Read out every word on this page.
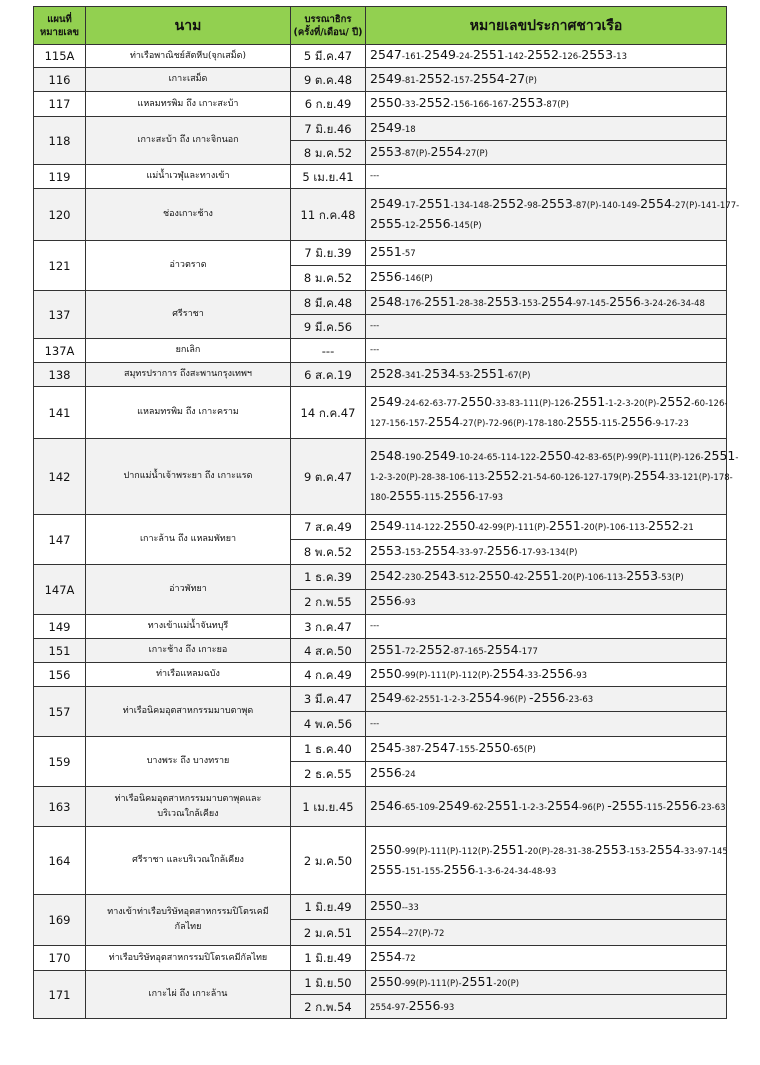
แผนที่
หมายเลข	นาม	บรรณาธิกร
(ครั้งที่/เดือน/ ปี)	หมายเลขประกาศชาวเรือ
115A	ท่าเรือพาณิชย์สัตหีบ(จุกเสม็ด)	5 มี.ค.47	2547-161-2549-24-2551-142-2552-126-2553-13

116	เกาะเสม็ด	9 ต.ค.48	2549-81-2552-157-2554-27(P)

117	แหลมทรพิม ถึง เกาะสะบ้า	6 ก.ย.49	2550-33-2552-156-166-167-2553-87(P)

118	เกาะสะบ้า ถึง เกาะจิกนอก	7 มิ.ย.46	2549-18

		8 ม.ค.52	2553-87(P)-2554-27(P)

119	แม่น้ำเวฬุและทางเข้า	5 เม.ย.41	---

120	ช่องเกาะช้าง	11 ก.ค.48	2549-17-2551-134-148-2552-98-2553-87(P)-140-149-2554-27(P)-141-177-
2555-12-2556-145(P)

121	อ่าวตราด	7 มิ.ย.39	2551-57

		8 ม.ค.52	2556-146(P)

137	ศรีราชา	8 มี.ค.48	2548-176-2551-28-38-2553-153-2554-97-145-2556-3-24-26-34-48

		9 มี.ค.56	---

137A	ยกเลิก	---	---

138	สมุทรปราการ ถึงสะพานกรุงเทพฯ	6 ส.ค.19	2528-341-2534-53-2551-67(P)

141	แหลมทรพิม ถึง เกาะคราม	14 ก.ค.47	2549-24-62-63-77-2550-33-83-111(P)-126-2551-1-2-3-20(P)-2552-60-126-
127-156-157-2554-27(P)-72-96(P)-178-180-2555-115-2556-9-17-23

142	ปากแม่น้ำเจ้าพระยา ถึง เกาะแรด	9 ต.ค.47	2548-190-2549-10-24-65-114-122-2550-42-83-65(P)-99(P)-111(P)-126-2551-
1-2-3-20(P)-28-38-106-113-2552-21-54-60-126-127-179(P)-2554-33-121(P)-178-
180-2555-115-2556-17-93

147	เกาะล้าน ถึง แหลมพัทยา	7 ส.ค.49	2549-114-122-2550-42-99(P)-111(P)-2551-20(P)-106-113-2552-21

		8 พ.ค.52	2553-153-2554-33-97-2556-17-93-134(P)

147A	อ่าวพัทยา	1 ธ.ค.39	2542-230-2543-512-2550-42-2551-20(P)-106-113-2553-53(P)

		2 ก.พ.55	2556-93

149	ทางเข้าแม่น้ำจันทบุรี	3 ก.ค.47	---

151	เกาะช้าง ถึง เกาะยอ	4 ส.ค.50	2551-72-2552-87-165-2554-177

156	ท่าเรือแหลมฉบัง	4 ก.ค.49	2550-99(P)-111(P)-112(P)-2554-33-2556-93

157	ท่าเรือนิคมอุตสาหกรรมมาบตาพุด	3 มี.ค.47	2549-62-2551-1-2-3-2554-96(P) -2556-23-63

		4 พ.ค.56	---

159	บางพระ ถึง บางทราย	1 ธ.ค.40	2545-387-2547-155-2550-65(P)

		2 ธ.ค.55	2556-24

163	ท่าเรือนิคมอุตสาหกรรมมาบตาพุดและ
บริเวณใกล้เคียง	1 เม.ย.45	2546-65-109-2549-62-2551-1-2-3-2554-96(P) -2555-115-2556-23-63

164	ศรีราชา และบริเวณใกล้เคียง	2 ม.ค.50	2550-99(P)-111(P)-112(P)-2551-20(P)-28-31-38-2553-153-2554-33-97-145
2555-151-155-2556-1-3-6-24-34-48-93

169	ทางเข้าท่าเรือบริษัทอุตสาหกรรมปิโตรเคมี
กัลไทย	1 มิ.ย.49	2550--33

		2 ม.ค.51	2554--27(P)-72

170	ท่าเรือบริษัทอุตสาหกรรมปิโตรเคมีกัลไทย	1 มิ.ย.49	2554-72

171	เกาะไผ่ ถึง เกาะล้าน	1 มิ.ย.50	2550-99(P)-111(P)-2551-20(P)

		2 ก.พ.54	2554-97-2556-93
